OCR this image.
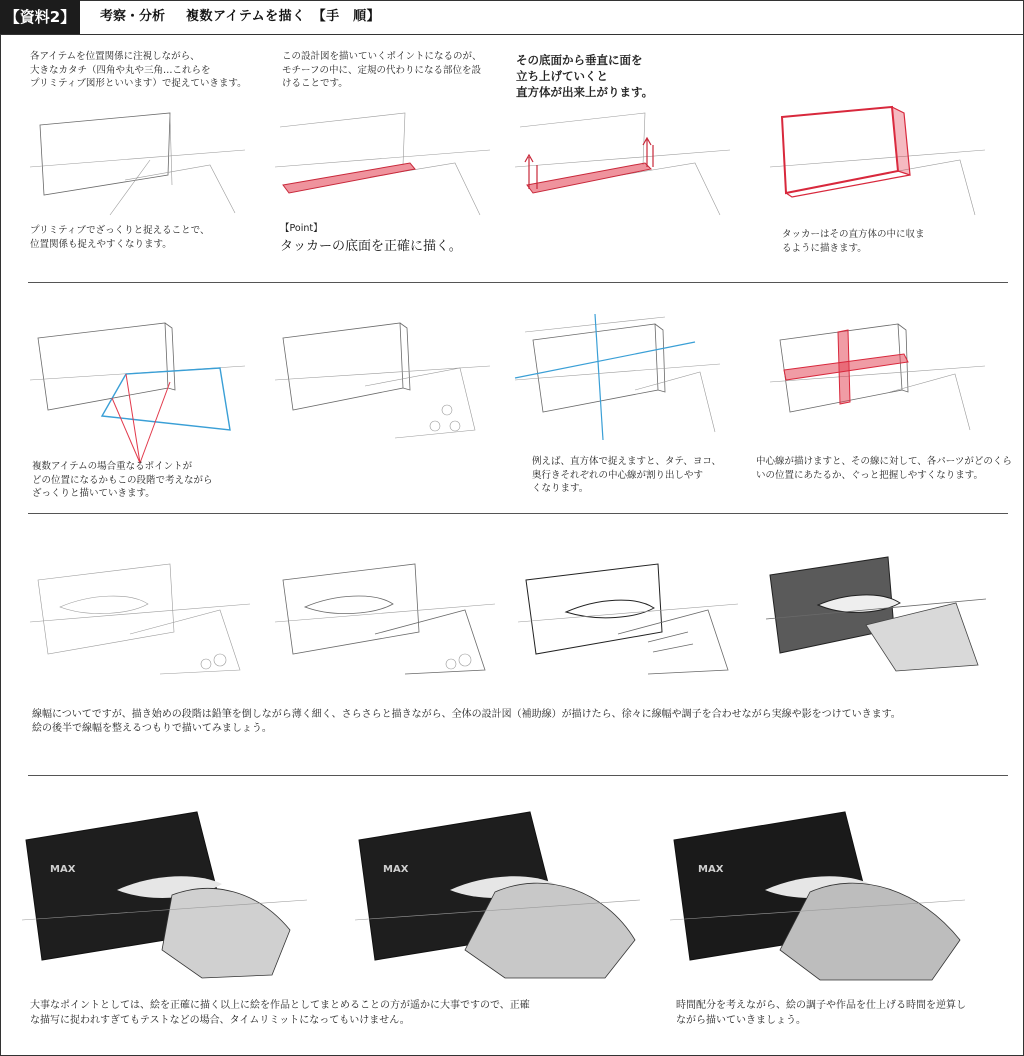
【資料2】	考察・分析 複数アイテムを描く　【手　順】
各アイテムを位置関係に注視しながら、
大きなカタチ（四角や丸や三角…これらを
プリミティブ図形といいます）で捉えていきます。
この設計図を描いていくポイントになるのが、
モチーフの中に、定規の代わりになる部位を設
けることです。
その底面から垂直に面を
立ち上げていくと
直方体が出来上がります。
プリミティブでざっくりと捉えることで、
位置関係も捉えやすくなります。
【Point】
タッカーの底面を正確に描く。
タッカーはその直方体の中に収ま
るように描きます。
複数アイテムの場合重なるポイントが
どの位置になるかもこの段階で考えながら
ざっくりと描いていきます。
例えば、直方体で捉えますと、タテ、ヨコ、
奥行きそれぞれの中心線が割り出しやす
くなります。
中心線が描けますと、その線に対して、各パーツがどのくら
いの位置にあたるか、ぐっと把握しやすくなります。
線幅についてですが、描き始めの段階は鉛筆を倒しながら薄く細く、さらさらと描きながら、全体の設計図（補助線）が描けたら、徐々に線幅や調子を合わせながら実線や影をつけていきます。
絵の後半で線幅を整えるつもりで描いてみましょう。
MAX	MAX	MAX
大事なポイントとしては、絵を正確に描く以上に絵を作品としてまとめることの方が遥かに大事ですので、正確
な描写に捉われすぎてもテストなどの場合、タイムリミットになってもいけません。
時間配分を考えながら、絵の調子や作品を仕上げる時間を逆算し
ながら描いていきましょう。
